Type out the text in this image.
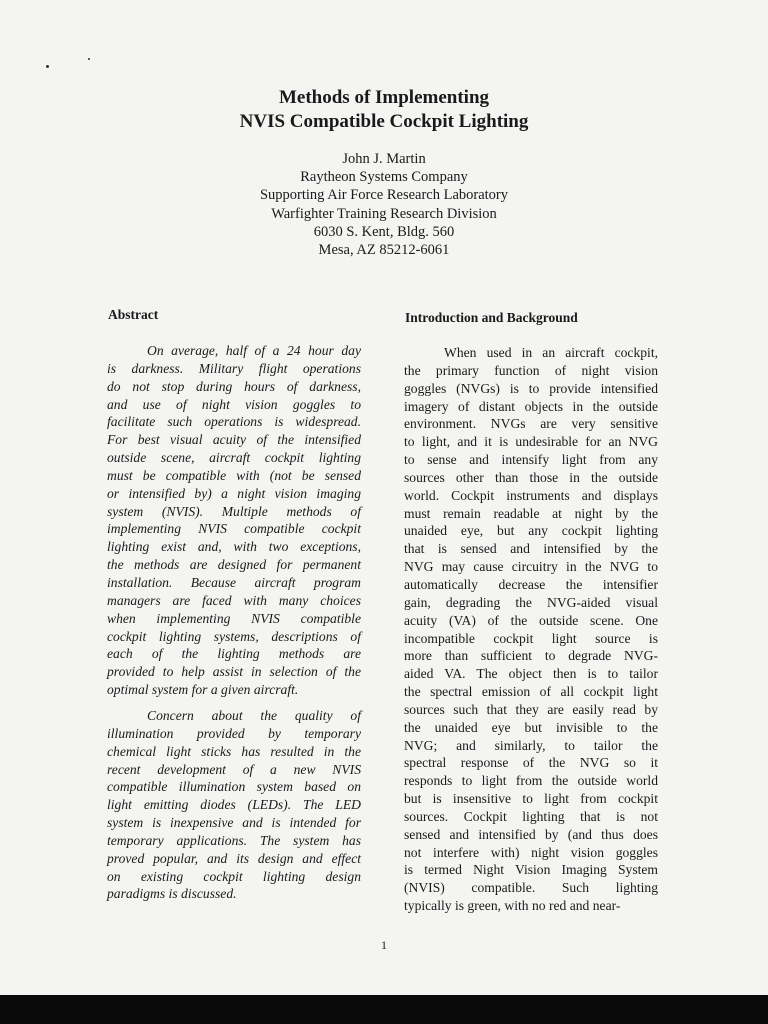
Methods of Implementing
NVIS Compatible Cockpit Lighting
John J. Martin
Raytheon Systems Company
Supporting Air Force Research Laboratory
Warfighter Training Research Division
6030 S. Kent, Bldg. 560
Mesa, AZ 85212-6061
Abstract	Introduction and Background
On average, half of a 24 hour day
is darkness. Military flight operations
do not stop during hours of darkness,
and use of night vision goggles to
facilitate such operations is widespread.
For best visual acuity of the intensified
outside scene, aircraft cockpit lighting
must be compatible with (not be sensed
or intensified by) a night vision imaging
system (NVIS). Multiple methods of
implementing NVIS compatible cockpit
lighting exist and, with two exceptions,
the methods are designed for permanent
installation. Because aircraft program
managers are faced with many choices
when implementing NVIS compatible
cockpit lighting systems, descriptions of
each of the lighting methods are
provided to help assist in selection of the
optimal system for a given aircraft.
Concern about the quality of
illumination provided by temporary
chemical light sticks has resulted in the
recent development of a new NVIS
compatible illumination system based on
light emitting diodes (LEDs). The LED
system is inexpensive and is intended for
temporary applications. The system has
proved popular, and its design and effect
on existing cockpit lighting design
paradigms is discussed.
When used in an aircraft cockpit,
the primary function of night vision
goggles (NVGs) is to provide intensified
imagery of distant objects in the outside
environment. NVGs are very sensitive
to light, and it is undesirable for an NVG
to sense and intensify light from any
sources other than those in the outside
world. Cockpit instruments and displays
must remain readable at night by the
unaided eye, but any cockpit lighting
that is sensed and intensified by the
NVG may cause circuitry in the NVG to
automatically decrease the intensifier
gain, degrading the NVG-aided visual
acuity (VA) of the outside scene. One
incompatible cockpit light source is
more than sufficient to degrade NVG-
aided VA. The object then is to tailor
the spectral emission of all cockpit light
sources such that they are easily read by
the unaided eye but invisible to the
NVG; and similarly, to tailor the
spectral response of the NVG so it
responds to light from the outside world
but is insensitive to light from cockpit
sources. Cockpit lighting that is not
sensed and intensified by (and thus does
not interfere with) night vision goggles
is termed Night Vision Imaging System
(NVIS) compatible. Such lighting
typically is green, with no red and near-
1
